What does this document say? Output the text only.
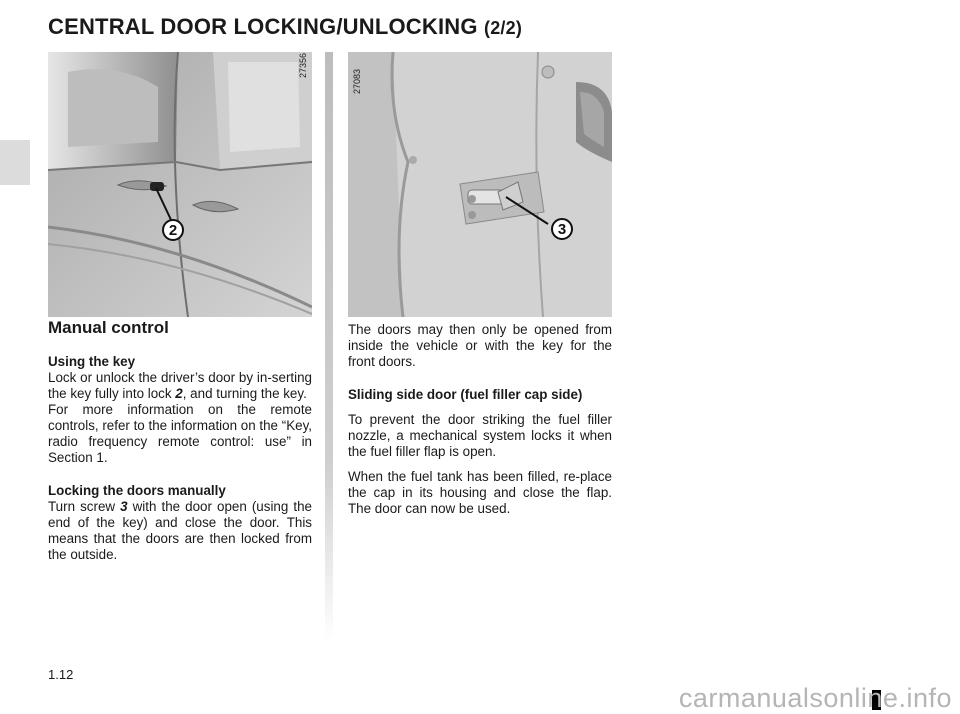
CENTRAL DOOR LOCKING/UNLOCKING (2/2)
27356
2
27083
3

Manual control

Using the key

Lock or unlock the driver’s door by in-serting the key fully into lock 2, and turning the key.

For more information on the remote controls, refer to the information on the “Key, radio frequency remote control: use” in Section 1.

Locking the doors manually

Turn screw 3 with the door open (using the end of the key) and close the door. This means that the doors are then locked from the outside.

The doors may then only be opened from inside the vehicle or with the key for the front doors.

Sliding side door (fuel filler cap side)

To prevent the door striking the fuel filler nozzle, a mechanical system locks it when the fuel filler flap is open.

When the fuel tank has been filled, re-place the cap in its housing and close the flap. The door can now be used.

1.12
carmanualsonline.info
